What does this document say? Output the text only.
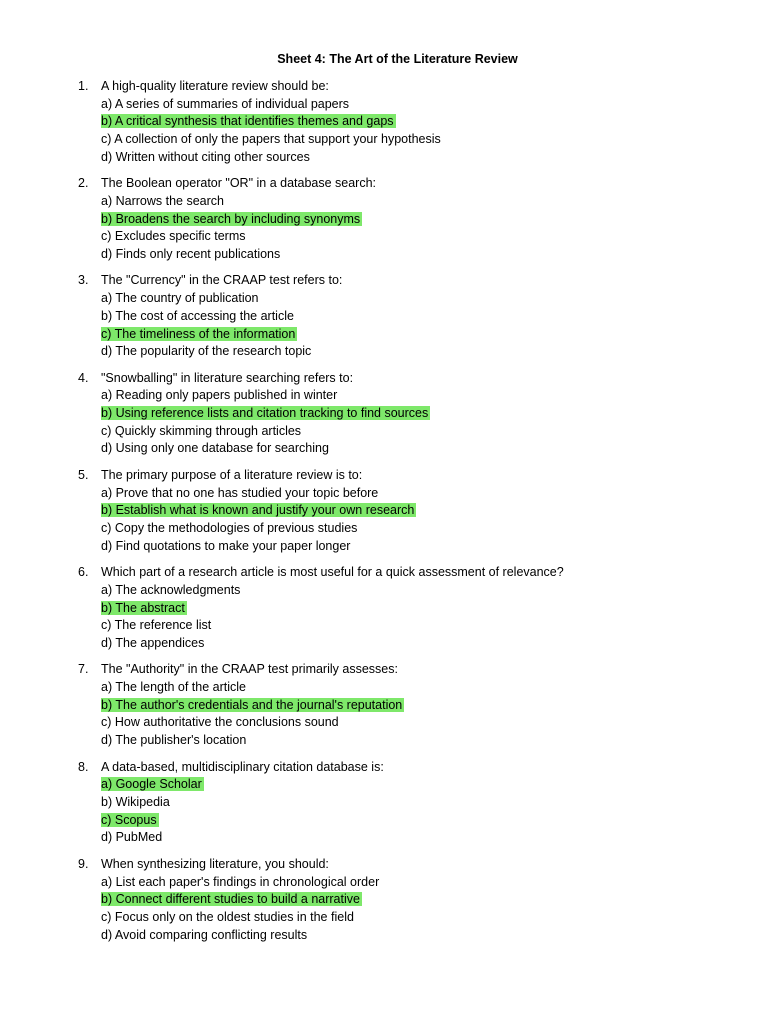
Sheet 4: The Art of the Literature Review
1.	A high-quality literature review should be:
a) A series of summaries of individual papers
b) A critical synthesis that identifies themes and gaps
c) A collection of only the papers that support your hypothesis
d) Written without citing other sources
2.	The Boolean operator "OR" in a database search:
a) Narrows the search
b) Broadens the search by including synonyms
c) Excludes specific terms
d) Finds only recent publications
3.	The "Currency" in the CRAAP test refers to:
a) The country of publication
b) The cost of accessing the article
c) The timeliness of the information
d) The popularity of the research topic
4.	"Snowballing" in literature searching refers to:
a) Reading only papers published in winter
b) Using reference lists and citation tracking to find sources
c) Quickly skimming through articles
d) Using only one database for searching
5.	The primary purpose of a literature review is to:
a) Prove that no one has studied your topic before
b) Establish what is known and justify your own research
c) Copy the methodologies of previous studies
d) Find quotations to make your paper longer
6.	Which part of a research article is most useful for a quick assessment of relevance?
a) The acknowledgments
b) The abstract
c) The reference list
d) The appendices
7.	The "Authority" in the CRAAP test primarily assesses:
a) The length of the article
b) The author's credentials and the journal's reputation
c) How authoritative the conclusions sound
d) The publisher's location
8.	A data-based, multidisciplinary citation database is:
a) Google Scholar
b) Wikipedia
c) Scopus
d) PubMed
9.	When synthesizing literature, you should:
a) List each paper's findings in chronological order
b) Connect different studies to build a narrative
c) Focus only on the oldest studies in the field
d) Avoid comparing conflicting results
